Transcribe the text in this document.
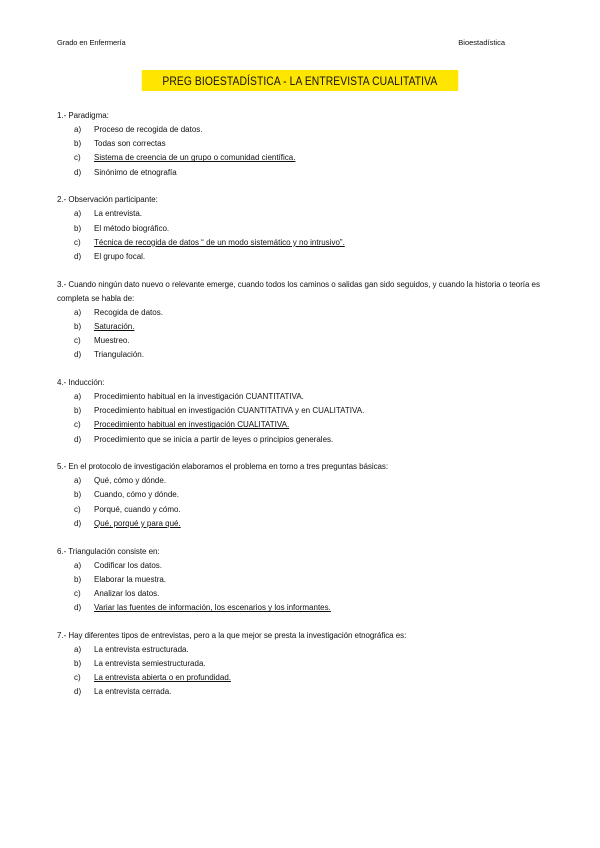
Grado en Enfermería	Bioestadística
PREG BIOESTADÍSTICA - LA ENTREVISTA CUALITATIVA
1.- Paradigma:
a)	Proceso de recogida de datos.
b)	Todas son correctas
c)	Sistema de creencia de un grupo o comunidad científica.
d)	Sinónimo de etnografía
2.- Observación participante:
a)	La entrevista.
b)	El método biográfico.
c)	Técnica de recogida de datos “ de un modo sistemático y no intrusivo”.
d)	El grupo focal.
3.- Cuando ningún dato nuevo o relevante emerge, cuando todos los caminos o salidas gan sido seguidos, y cuando la historia o teoría es completa se habla de:
a)	Recogida de datos.
b)	Saturación.
c)	Muestreo.
d)	Triangulación.
4.- Inducción:
a)	Procedimiento habitual en la investigación CUANTITATIVA.
b)	Procedimiento habitual en investigación CUANTITATIVA y en CUALITATIVA.
c)	Procedimiento habitual en investigación CUALITATIVA.
d)	Procedimiento que se inicia a partir de leyes o principios generales.
5.- En el protocolo de investigación elaboramos el problema en torno a tres preguntas básicas:
a)	Qué, cómo y dónde.
b)	Cuando, cómo y dónde.
c)	Porqué, cuando y cómo.
d)	Qué, porqué y para qué.
6.- Triangulación consiste en:
a)	Codificar los datos.
b)	Elaborar la muestra.
c)	Analizar los datos.
d)	Variar las fuentes de información, los escenarios y los informantes.
7.- Hay diferentes tipos de entrevistas, pero a la que mejor se presta la investigación etnográfica es:
a)	La entrevista estructurada.
b)	La entrevista semiestructurada.
c)	La entrevista abierta o en profundidad.
d)	La entrevista cerrada.
